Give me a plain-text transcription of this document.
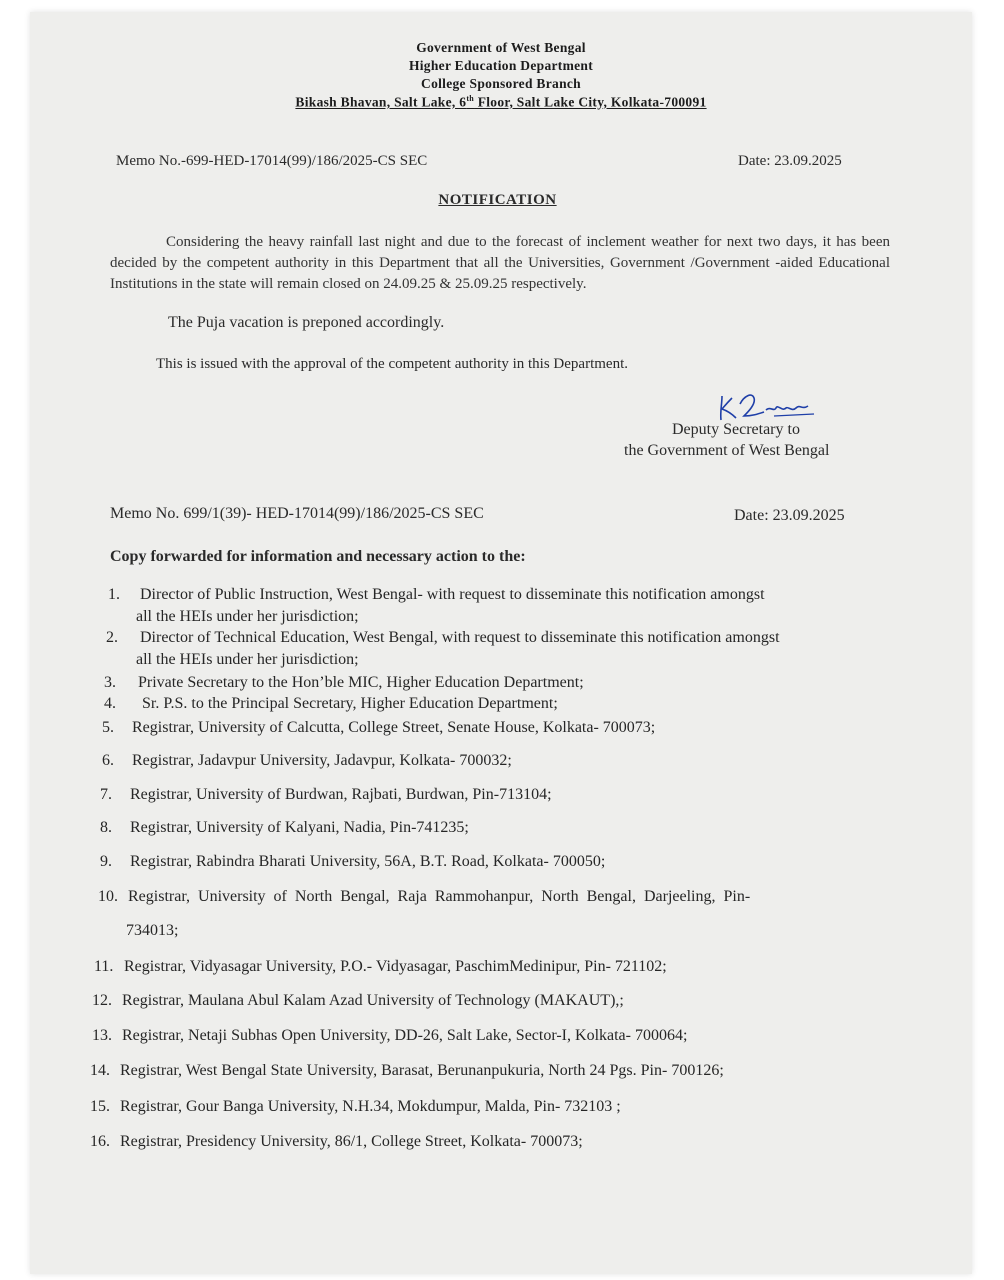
Government of West Bengal
Higher Education Department
College Sponsored Branch
Bikash Bhavan, Salt Lake, 6th Floor, Salt Lake City, Kolkata-700091
Memo No.-699-HED-17014(99)/186/2025-CS SEC	Date: 23.09.2025
NOTIFICATION
Considering the heavy rainfall last night and due to the forecast of inclement weather for next two days, it has been decided by the competent authority in this Department that all the Universities, Government /Government -aided Educational Institutions in the state will remain closed on 24.09.25 & 25.09.25 respectively.
The Puja vacation is preponed accordingly.
This is issued with the approval of the competent authority in this Department.
Deputy Secretary to
the Government of West Bengal
Memo No. 699/1(39)- HED-17014(99)/186/2025-CS SEC	Date: 23.09.2025
Copy forwarded for information and necessary action to the:
1. Director of Public Instruction, West Bengal- with request to disseminate this notification amongst
all the HEIs under her jurisdiction;
2. Director of Technical Education, West Bengal, with request to disseminate this notification amongst
all the HEIs under her jurisdiction;
3. Private Secretary to the Hon’ble MIC, Higher Education Department;
4. Sr. P.S. to the Principal Secretary, Higher Education Department;
5. Registrar, University of Calcutta, College Street, Senate House, Kolkata- 700073;
6. Registrar, Jadavpur University, Jadavpur, Kolkata- 700032;
7. Registrar, University of Burdwan, Rajbati, Burdwan, Pin-713104;
8. Registrar, University of Kalyani, Nadia, Pin-741235;
9. Registrar, Rabindra Bharati University, 56A, B.T. Road, Kolkata- 700050;
10. Registrar, University of North Bengal, Raja Rammohanpur, North Bengal, Darjeeling, Pin-
734013;
11. Registrar, Vidyasagar University, P.O.- Vidyasagar, PaschimMedinipur, Pin- 721102;
12. Registrar, Maulana Abul Kalam Azad University of Technology (MAKAUT),;
13. Registrar, Netaji Subhas Open University, DD-26, Salt Lake, Sector-I, Kolkata- 700064;
14. Registrar, West Bengal State University, Barasat, Berunanpukuria, North 24 Pgs. Pin- 700126;
15. Registrar, Gour Banga University, N.H.34, Mokdumpur, Malda, Pin- 732103 ;
16. Registrar, Presidency University, 86/1, College Street, Kolkata- 700073;
